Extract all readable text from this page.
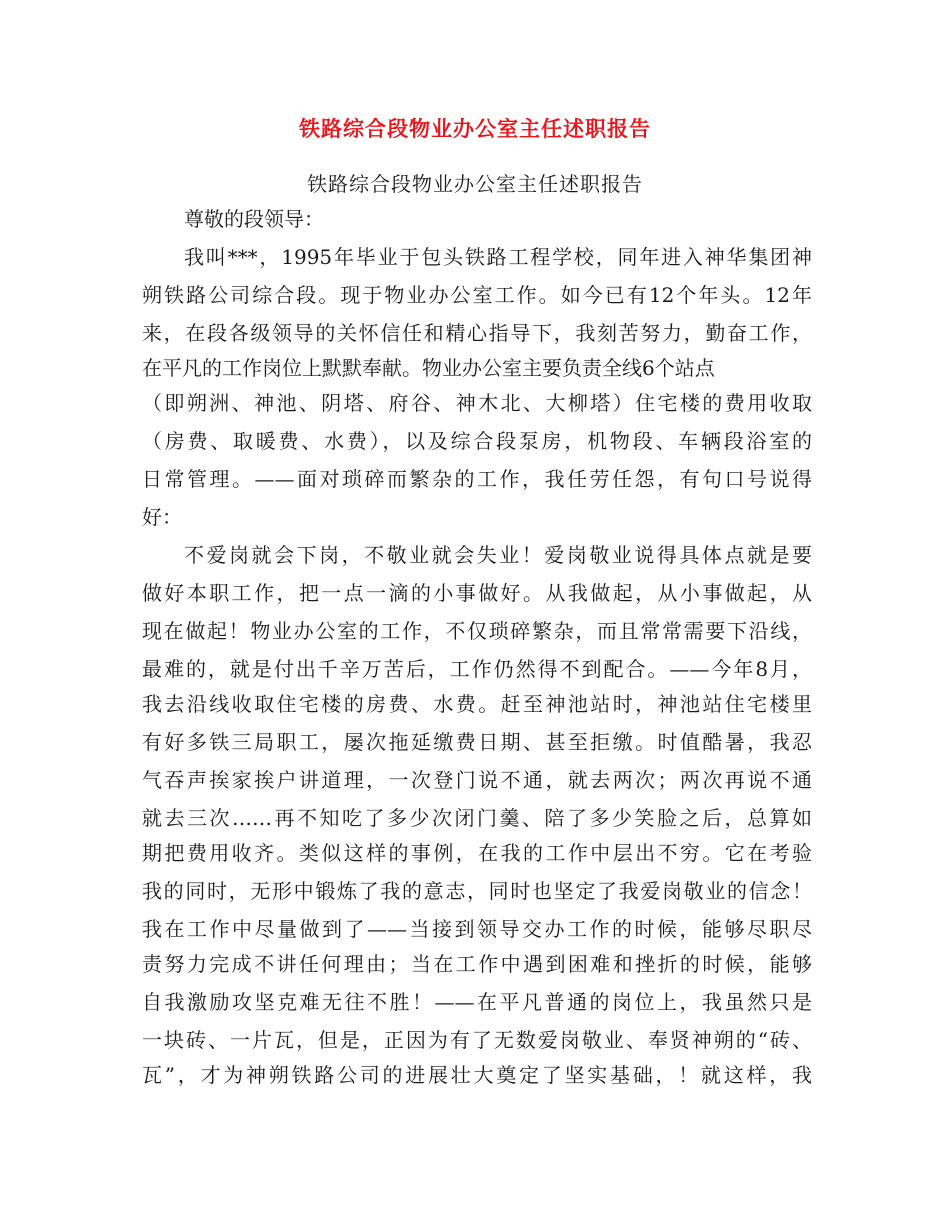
铁路综合段物业办公室主任述职报告

铁路综合段物业办公室主任述职报告

尊敬的段领导：

我叫***，1995年毕业于包头铁路工程学校，同年进入神华集团神

朔铁路公司综合段。现于物业办公室工作。如今已有12个年头。12年

来，在段各级领导的关怀信任和精心指导下，我刻苦努力，勤奋工作，

在平凡的工作岗位上默默奉献。物业办公室主要负责全线6个站点

（即朔洲、神池、阴塔、府谷、神木北、大柳塔）住宅楼的费用收取

（房费、取暖费、水费），以及综合段泵房，机物段、车辆段浴室的

日常管理。——面对琐碎而繁杂的工作，我任劳任怨，有句口号说得

好：

不爱岗就会下岗，不敬业就会失业！爱岗敬业说得具体点就是要

做好本职工作，把一点一滴的小事做好。从我做起，从小事做起，从

现在做起！物业办公室的工作，不仅琐碎繁杂，而且常常需要下沿线，

最难的，就是付出千辛万苦后，工作仍然得不到配合。——今年8月，

我去沿线收取住宅楼的房费、水费。赶至神池站时，神池站住宅楼里

有好多铁三局职工，屡次拖延缴费日期、甚至拒缴。时值酷暑，我忍

气吞声挨家挨户讲道理，一次登门说不通，就去两次；两次再说不通

就去三次……再不知吃了多少次闭门羹、陪了多少笑脸之后，总算如

期把费用收齐。类似这样的事例，在我的工作中层出不穷。它在考验

我的同时，无形中锻炼了我的意志，同时也坚定了我爱岗敬业的信念！

我在工作中尽量做到了——当接到领导交办工作的时候，能够尽职尽

责努力完成不讲任何理由；当在工作中遇到困难和挫折的时候，能够

自我激励攻坚克难无往不胜！——在平凡普通的岗位上，我虽然只是

一块砖、一片瓦，但是，正因为有了无数爱岗敬业、奉贤神朔的“砖、

瓦”，才为神朔铁路公司的进展壮大奠定了坚实基础，！就这样，我
